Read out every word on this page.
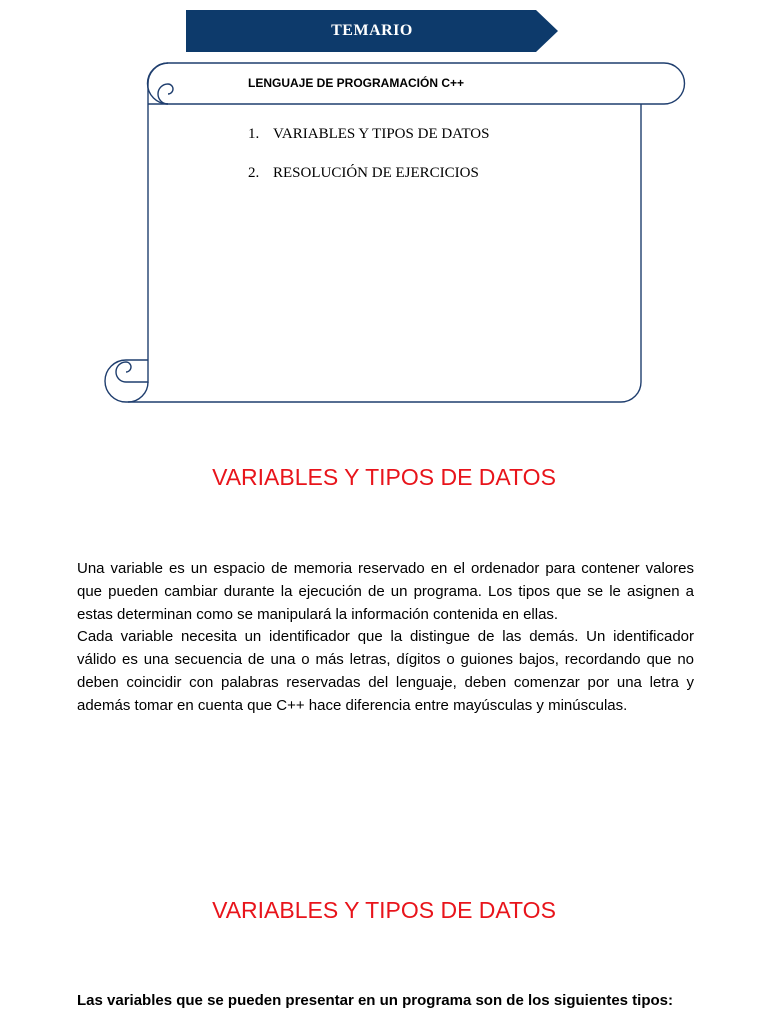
TEMARIO
LENGUAJE DE PROGRAMACIÓN C++
1. VARIABLES Y TIPOS DE DATOS
2. RESOLUCIÓN DE EJERCICIOS
VARIABLES Y TIPOS DE DATOS

Una variable es un espacio de memoria reservado en el ordenador para contener valores que pueden cambiar durante la ejecución de un programa. Los tipos que se le asignen a estas determinan como se manipulará la información contenida en ellas.

Cada variable necesita un identificador que la distingue de las demás. Un identificador válido es una secuencia de una o más letras, dígitos o guiones bajos, recordando que no deben coincidir con palabras reservadas del lenguaje, deben comenzar por una letra y además tomar en cuenta que C++ hace diferencia entre mayúsculas y minúsculas.

VARIABLES Y TIPOS DE DATOS

Las variables que se pueden presentar en un programa son de los siguientes tipos:
